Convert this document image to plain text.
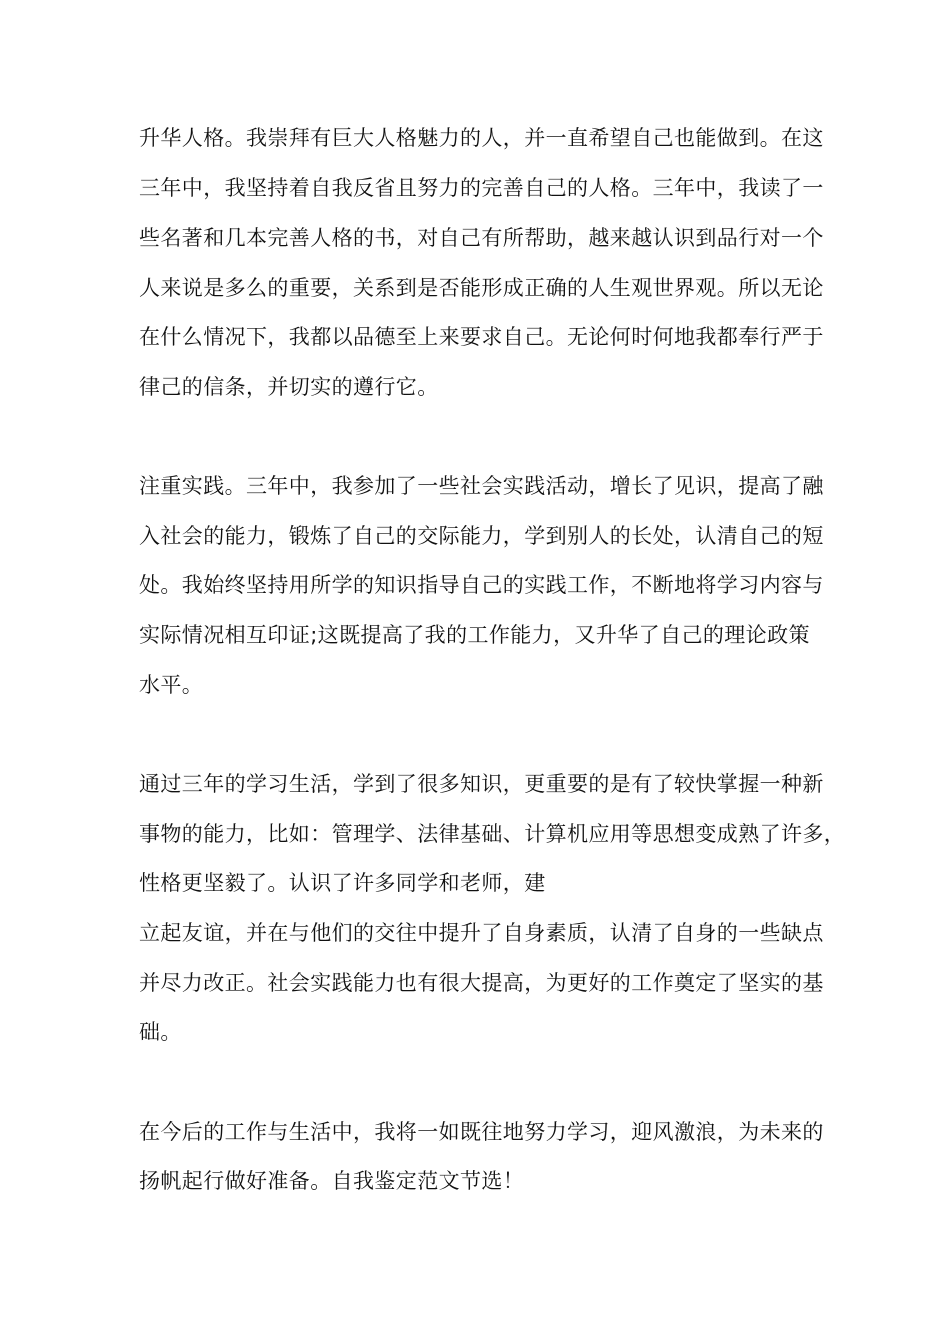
升华人格。我崇拜有巨大人格魅力的人，并一直希望自己也能做到。在这
三年中，我坚持着自我反省且努力的完善自己的人格。三年中，我读了一
些名著和几本完善人格的书，对自己有所帮助，越来越认识到品行对一个
人来说是多么的重要，关系到是否能形成正确的人生观世界观。所以无论
在什么情况下，我都以品德至上来要求自己。无论何时何地我都奉行严于
律己的信条，并切实的遵行它。
注重实践。三年中，我参加了一些社会实践活动，增长了见识，提高了融
入社会的能力，锻炼了自己的交际能力，学到别人的长处，认清自己的短
处。我始终坚持用所学的知识指导自己的实践工作，不断地将学习内容与
实际情况相互印证;这既提高了我的工作能力，又升华了自己的理论政策
水平。
通过三年的学习生活，学到了很多知识，更重要的是有了较快掌握一种新
事物的能力，比如：管理学、法律基础、计算机应用等思想变成熟了许多，
性格更坚毅了。认识了许多同学和老师，建
立起友谊，并在与他们的交往中提升了自身素质，认清了自身的一些缺点
并尽力改正。社会实践能力也有很大提高，为更好的工作奠定了坚实的基
础。
在今后的工作与生活中，我将一如既往地努力学习，迎风激浪，为未来的
扬帆起行做好准备。自我鉴定范文节选！
